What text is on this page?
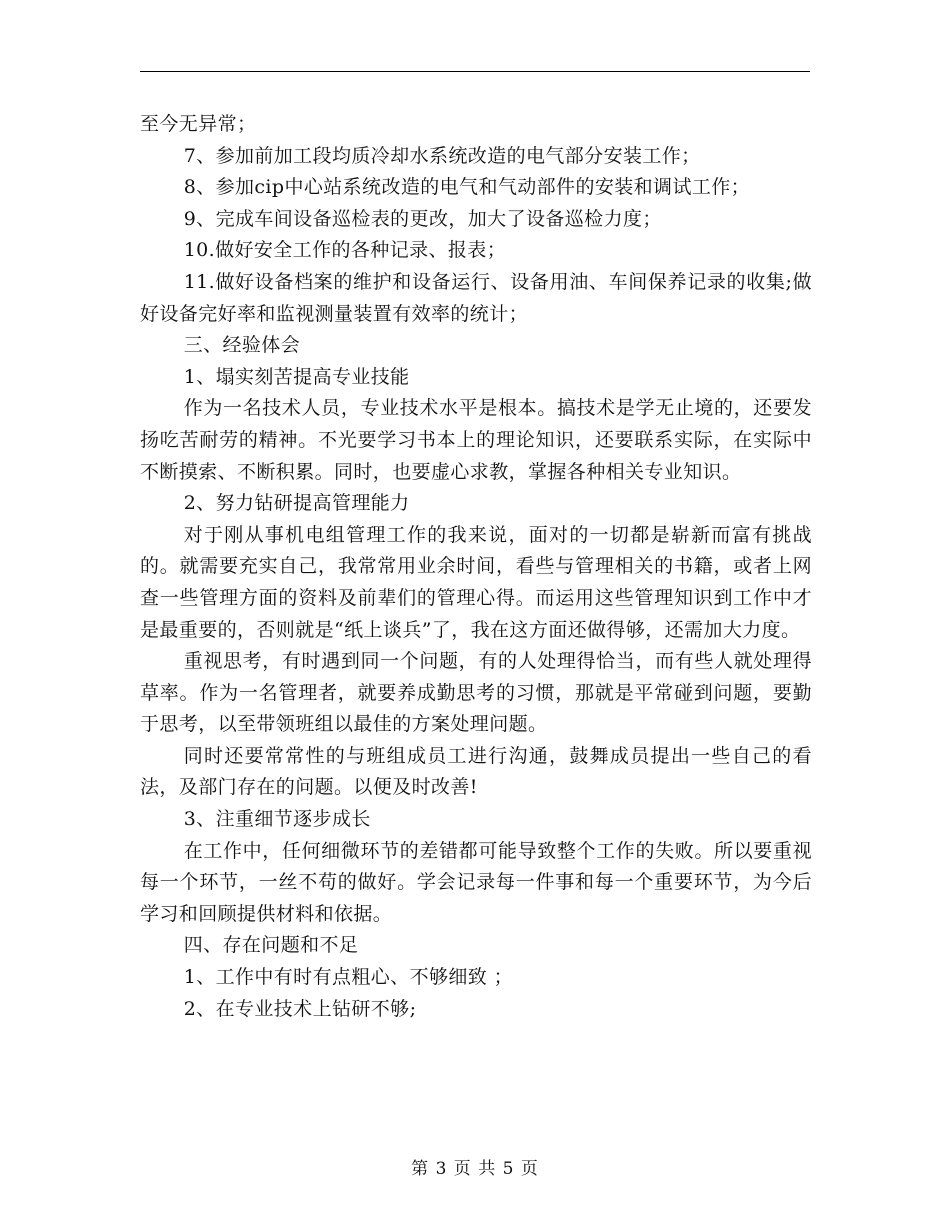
至今无异常；

7、参加前加工段均质冷却水系统改造的电气部分安装工作；

8、参加cip中心站系统改造的电气和气动部件的安装和调试工作；

9、完成车间设备巡检表的更改，加大了设备巡检力度；

10.做好安全工作的各种记录、报表；

11.做好设备档案的维护和设备运行、设备用油、车间保养记录的收集;做好设备完好率和监视测量装置有效率的统计；

三、经验体会

1、塌实刻苦提高专业技能

作为一名技术人员，专业技术水平是根本。搞技术是学无止境的，还要发扬吃苦耐劳的精神。不光要学习书本上的理论知识，还要联系实际，在实际中不断摸索、不断积累。同时，也要虚心求教，掌握各种相关专业知识。

2、努力钻研提高管理能力

对于刚从事机电组管理工作的我来说，面对的一切都是崭新而富有挑战的。就需要充实自己，我常常用业余时间，看些与管理相关的书籍，或者上网查一些管理方面的资料及前辈们的管理心得。而运用这些管理知识到工作中才是最重要的，否则就是“纸上谈兵”了，我在这方面还做得够，还需加大力度。

重视思考，有时遇到同一个问题，有的人处理得恰当，而有些人就处理得草率。作为一名管理者，就要养成勤思考的习惯，那就是平常碰到问题，要勤于思考，以至带领班组以最佳的方案处理问题。

同时还要常常性的与班组成员工进行沟通，鼓舞成员提出一些自己的看法，及部门存在的问题。以便及时改善!

3、注重细节逐步成长

在工作中，任何细微环节的差错都可能导致整个工作的失败。所以要重视每一个环节，一丝不苟的做好。学会记录每一件事和每一个重要环节，为今后学习和回顾提供材料和依据。

四、存在问题和不足

1、工作中有时有点粗心、不够细致 ；

2、在专业技术上钻研不够;

第 3 页 共 5 页
